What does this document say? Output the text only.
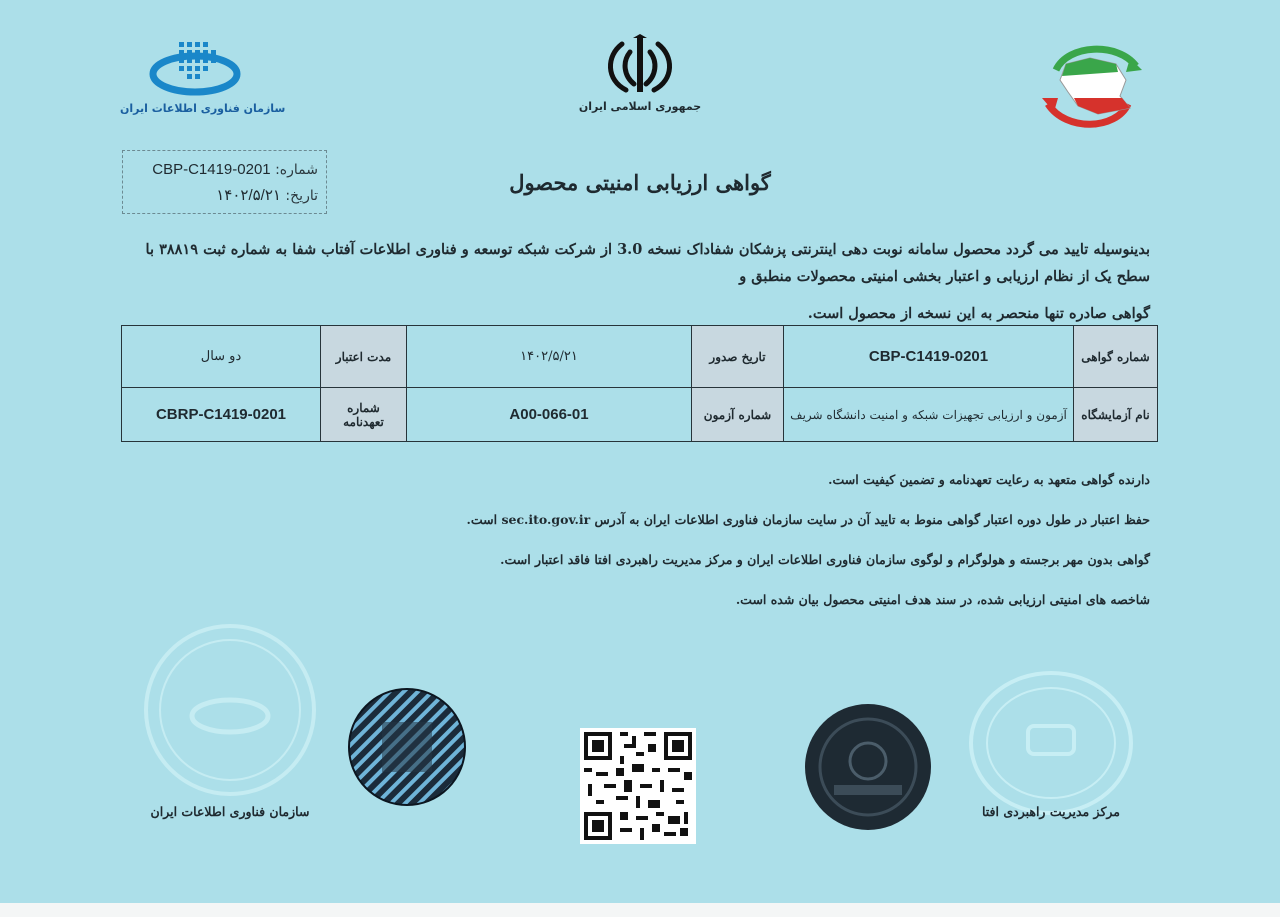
سازمان فناوری اطلاعات ایران	جمهوری اسلامی ایران
شماره: CBP-C1419-0201
تاریخ: ۱۴۰۲/۵/۲۱
گواهی ارزیابی امنیتی محصول
بدینوسیله تایید می گردد محصول سامانه نوبت دهی اینترنتی پزشکان شفاداک نسخه 3.0 از شرکت شبکه توسعه و فناوری اطلاعات آفتاب شفا به شماره ثبت ۳۸۸۱۹ با سطح یک از نظام ارزیابی و اعتبار بخشی امنیتی محصولات منطبق و
گواهی صادره تنها منحصر به این نسخه از محصول است.
شماره گواهی	CBP-C1419-0201	تاریخ صدور	۱۴۰۲/۵/۲۱	مدت اعتبار	دو سال
نام آزمایشگاه	آزمون و ارزیابی تجهیزات شبکه و امنیت دانشگاه شریف	شماره آزمون	A00-066-01	شماره تعهدنامه	CBRP-C1419-0201
دارنده گواهی متعهد به رعایت تعهدنامه و تضمین کیفیت است.
حفظ اعتبار در طول دوره اعتبار گواهی منوط به تایید آن در سایت سازمان فناوری اطلاعات ایران به آدرس sec.ito.gov.ir است.
گواهی بدون مهر برجسته و هولوگرام و لوگوی سازمان فناوری اطلاعات ایران و مرکز مدیریت راهبردی افتا فاقد اعتبار است.
شاخصه های امنیتی ارزیابی شده، در سند هدف امنیتی محصول بیان شده است.
سازمان فناوری اطلاعات ایران	مرکز مدیریت راهبردی افتا
